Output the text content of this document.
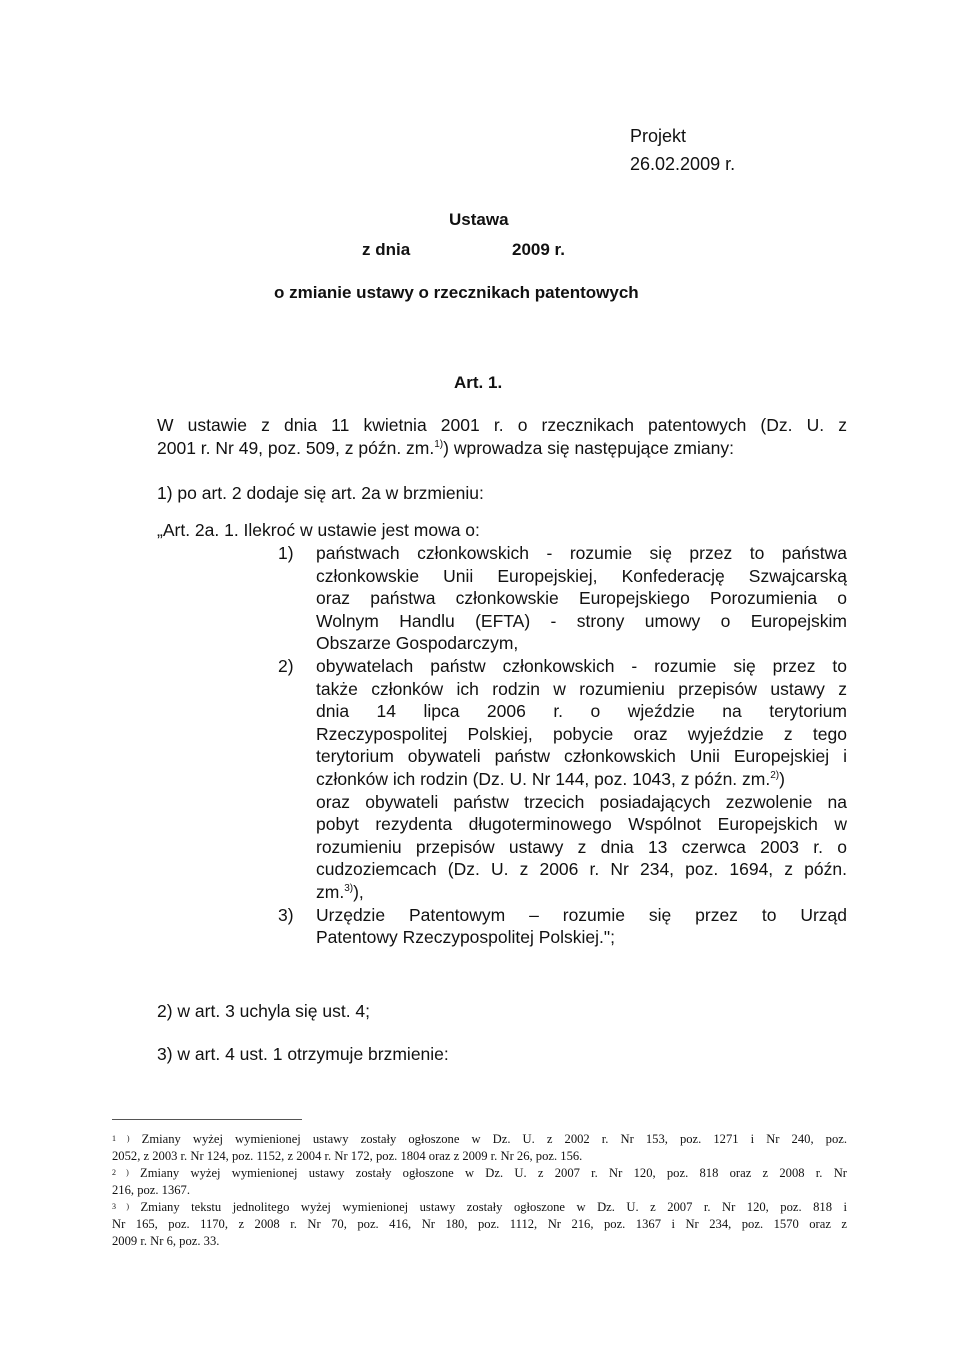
Projekt
26.02.2009 r.
Ustawa
z dnia	2009 r.
o zmianie ustawy o rzecznikach patentowych
Art. 1.
W ustawie z dnia 11 kwietnia 2001 r. o rzecznikach patentowych (Dz. U. z
2001 r. Nr 49, poz. 509, z późn. zm.$^{1)}$) wprowadza się następujące zmiany:
1) po art. 2 dodaje się art. 2a w brzmieniu:
„Art. 2a. 1. Ilekroć w ustawie jest mowa o:
1)	państwach członkowskich - rozumie się przez to państwa
członkowskie Unii Europejskiej, Konfederację Szwajcarską
oraz państwa członkowskie Europejskiego Porozumienia o
Wolnym Handlu (EFTA) - strony umowy o Europejskim
Obszarze Gospodarczym,
2)	obywatelach państw członkowskich - rozumie się przez to
także członków ich rodzin w rozumieniu przepisów ustawy z
dnia 14 lipca 2006 r. o wjeździe na terytorium
Rzeczypospolitej Polskiej, pobycie oraz wyjeździe z tego
terytorium obywateli państw członkowskich Unii Europejskiej i
członków ich rodzin (Dz. U. Nr 144, poz. 1043, z późn. zm.$^{2)}$)
oraz obywateli państw trzecich posiadających zezwolenie na
pobyt rezydenta długoterminowego Wspólnot Europejskich w
rozumieniu przepisów ustawy z dnia 13 czerwca 2003 r. o
cudzoziemcach (Dz. U. z 2006 r. Nr 234, poz. 1694, z późn.
zm.$^{3)}$),
3)	Urzędzie Patentowym – rozumie się przez to Urząd
Patentowy Rzeczypospolitej Polskiej.";
2) w art. 3 uchyla się ust. 4;
3) w art. 4 ust. 1 otrzymuje brzmienie:
$^{1 )}$ Zmiany wyżej wymienionej ustawy zostały ogłoszone w Dz. U. z 2002 r. Nr 153, poz. 1271 i Nr 240, poz.
2052, z 2003 r. Nr 124, poz. 1152, z 2004 r. Nr 172, poz. 1804 oraz z 2009 r. Nr 26, poz. 156.
$^{2 )}$ Zmiany wyżej wymienionej ustawy zostały ogłoszone w Dz. U. z 2007 r. Nr 120, poz. 818 oraz z 2008 r. Nr
216, poz. 1367.
$^{3 )}$ Zmiany tekstu jednolitego wyżej wymienionej ustawy zostały ogłoszone w Dz. U. z 2007 r. Nr 120, poz. 818 i
Nr 165, poz. 1170, z 2008 r. Nr 70, poz. 416, Nr 180, poz. 1112, Nr 216, poz. 1367 i Nr 234, poz. 1570 oraz z
2009 r. Nr 6, poz. 33.
